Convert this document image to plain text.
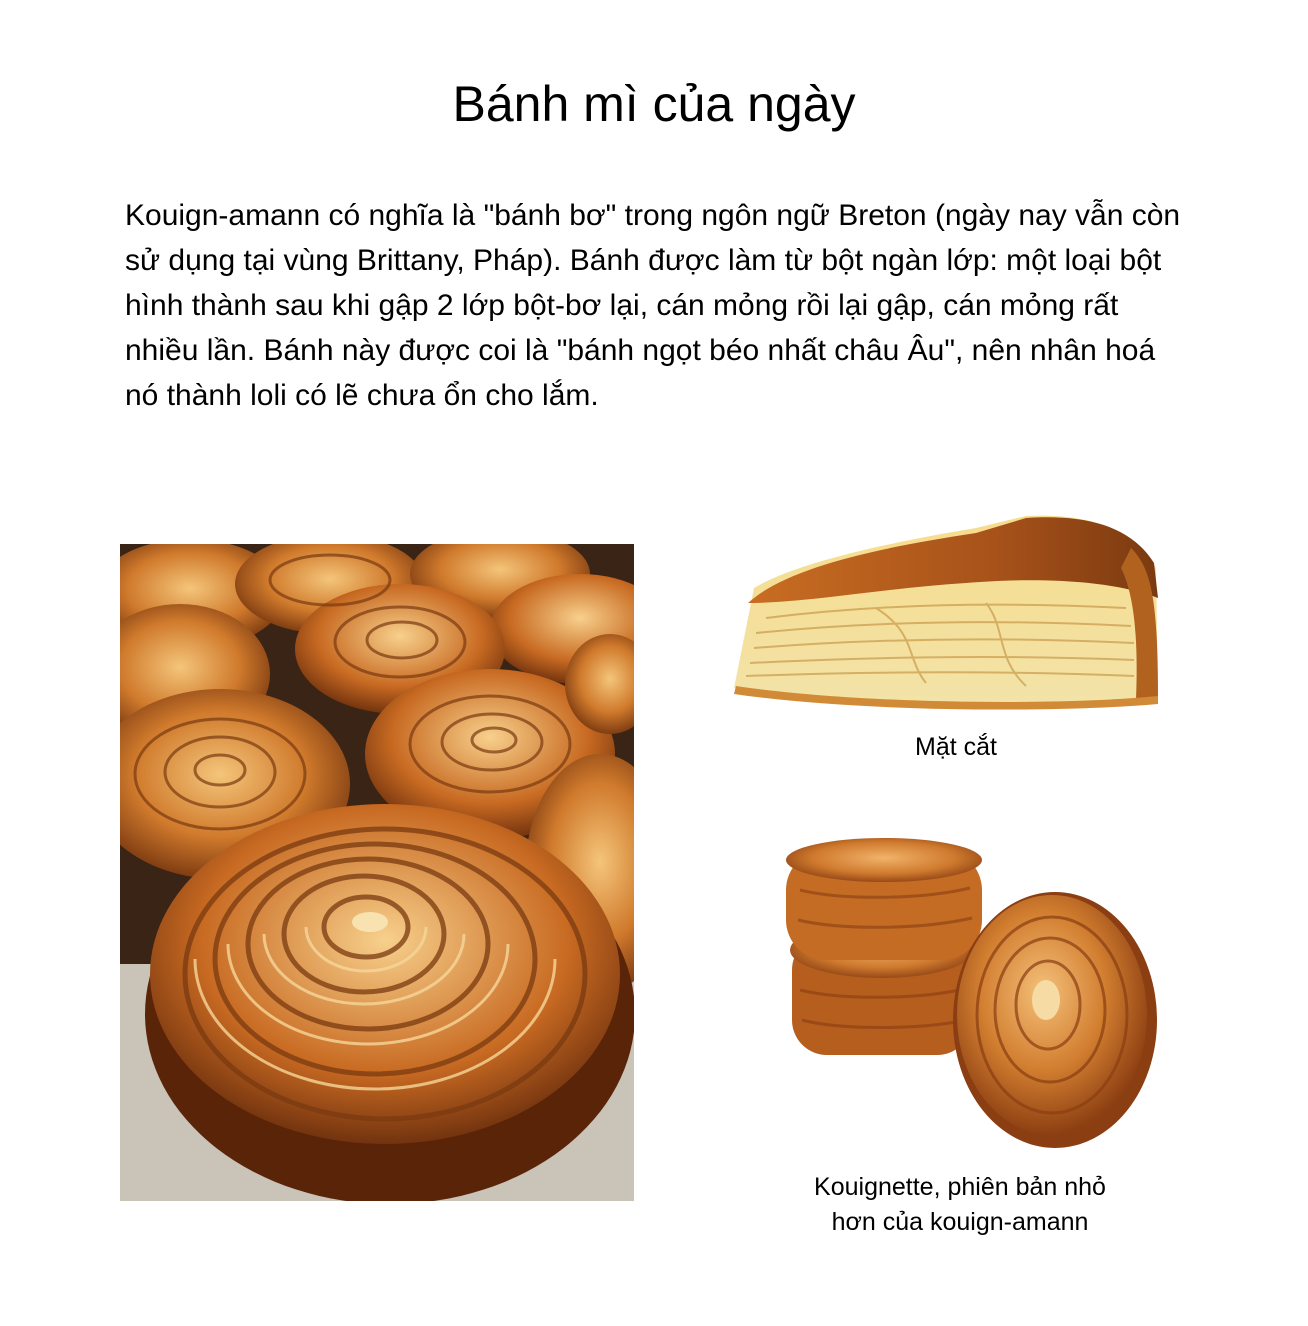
Bánh mì của ngày

Kouign-amann có nghĩa là "bánh bơ" trong ngôn ngữ Breton (ngày nay vẫn còn sử dụng tại vùng Brittany, Pháp). Bánh được làm từ bột ngàn lớp: một loại bột hình thành sau khi gập 2 lớp bột-bơ lại, cán mỏng rồi lại gập, cán mỏng rất nhiều lần. Bánh này được coi là "bánh ngọt béo nhất châu Âu", nên nhân hoá nó thành loli có lẽ chưa ổn cho lắm.

Mặt cắt
Kouignette, phiên bản nhỏ
hơn của kouign-amann
